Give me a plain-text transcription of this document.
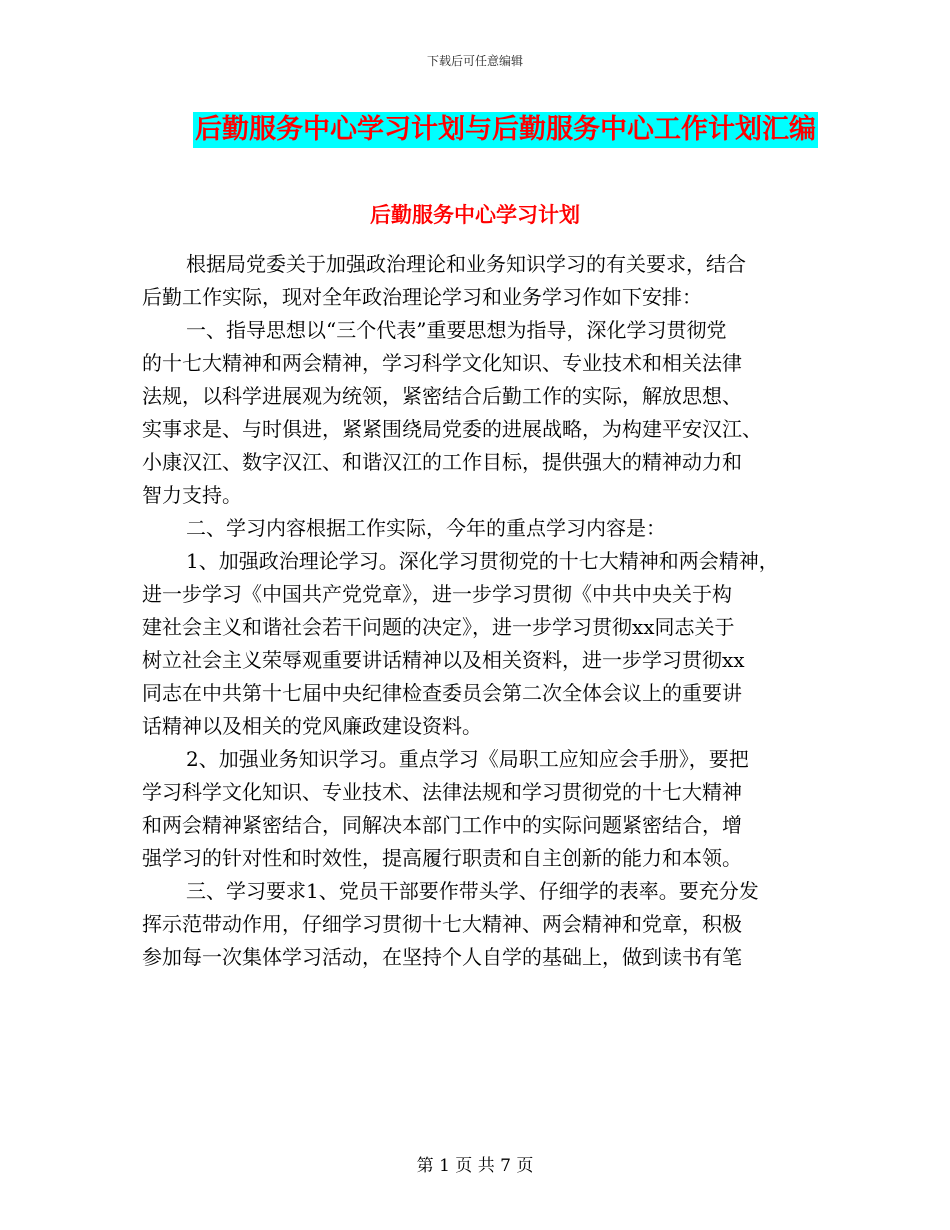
下载后可任意编辑
后勤服务中心学习计划与后勤服务中心工作计划汇编
后勤服务中心学习计划
根据局党委关于加强政治理论和业务知识学习的有关要求，结合
后勤工作实际，现对全年政治理论学习和业务学习作如下安排：
一、指导思想以“三个代表”重要思想为指导，深化学习贯彻党
的十七大精神和两会精神，学习科学文化知识、专业技术和相关法律
法规，以科学进展观为统领，紧密结合后勤工作的实际，解放思想、
实事求是、与时俱进，紧紧围绕局党委的进展战略，为构建平安汉江、
小康汉江、数字汉江、和谐汉江的工作目标，提供强大的精神动力和
智力支持。
二、学习内容根据工作实际，今年的重点学习内容是：
1、加强政治理论学习。深化学习贯彻党的十七大精神和两会精神，
进一步学习《中国共产党党章》，进一步学习贯彻《中共中央关于构
建社会主义和谐社会若干问题的决定》，进一步学习贯彻xx同志关于
树立社会主义荣辱观重要讲话精神以及相关资料，进一步学习贯彻xx
同志在中共第十七届中央纪律检查委员会第二次全体会议上的重要讲
话精神以及相关的党风廉政建设资料。
2、加强业务知识学习。重点学习《局职工应知应会手册》，要把
学习科学文化知识、专业技术、法律法规和学习贯彻党的十七大精神
和两会精神紧密结合，同解决本部门工作中的实际问题紧密结合，增
强学习的针对性和时效性，提高履行职责和自主创新的能力和本领。
三、学习要求1、党员干部要作带头学、仔细学的表率。要充分发
挥示范带动作用，仔细学习贯彻十七大精神、两会精神和党章，积极
参加每一次集体学习活动，在坚持个人自学的基础上，做到读书有笔
第 1 页 共 7 页
